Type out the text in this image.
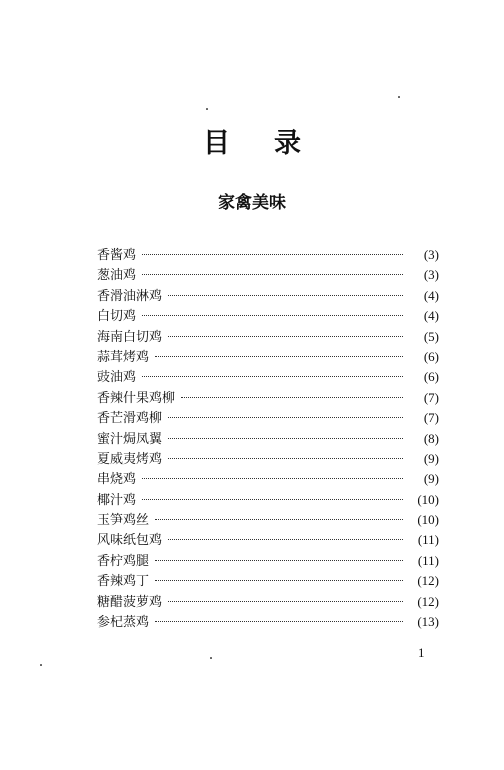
目录
家禽美味
香酱鸡	(3)
葱油鸡	(3)
香滑油淋鸡	(4)
白切鸡	(4)
海南白切鸡	(5)
蒜茸烤鸡	(6)
豉油鸡	(6)
香辣什果鸡柳	(7)
香芒滑鸡柳	(7)
蜜汁焗凤翼	(8)
夏威夷烤鸡	(9)
串烧鸡	(9)
椰汁鸡	(10)
玉笋鸡丝	(10)
风味纸包鸡	(11)
香柠鸡腿	(11)
香辣鸡丁	(12)
糖醋菠萝鸡	(12)
参杞蒸鸡	(13)
1
